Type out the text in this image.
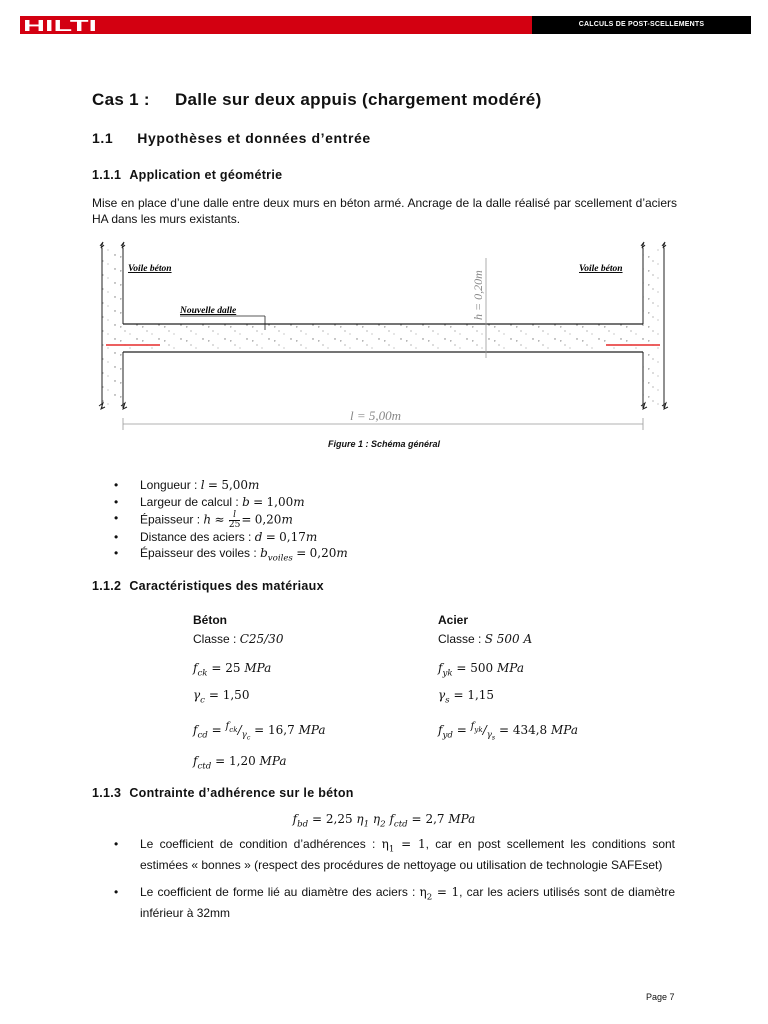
HILTI	CALCULS DE POST-SCELLEMENTS
Cas 1 :     Dalle sur deux appuis (chargement modéré)
1.1 Hypothèses et données d’entrée
1.1.1 Application et géométrie

Mise en place d’une dalle entre deux murs en béton armé. Ancrage de la dalle réalisé par scellement d’aciers HA dans les murs existants.

h = 0,20m
l = 5,00m
Voile béton	Voile béton
Nouvelle dalle
Figure 1 : Schéma général
• Longueur : l = 5,00m
• Largeur de calcul : b = 1,00m
• Épaisseur : $h \approx \frac{l}{25} = 0,20m$
• Distance des aciers : d = 0,17m
• Épaisseur des voiles : $b_{voiles} = 0,20m$
1.1.2 Caractéristiques des matériaux
Béton
Classe : C25/30
$f_{ck} = 25$ MPa
$\gamma_c = 1,50$
$f_{cd} = ^{f_{ck}}/_{\gamma_c} = 16,7$ MPa
$f_{ctd} = 1,20$ MPa
Acier
Classe : S 500 A
$f_{yk} = 500$ MPa
$\gamma_s = 1,15$
$f_{yd} = ^{f_{yk}}/_{\gamma_s} = 434,8$ MPa
1.1.3 Contrainte d’adhérence sur le béton
$f_{bd} = 2,25$ $\eta_1$ $\eta_2$ $f_{ctd} = 2,7$ MPa
• Le coefficient de condition d’adhérences : $\eta_1 = 1$, car en post scellement les conditions sont estimées « bonnes » (respect des procédures de nettoyage ou utilisation de technologie SAFEset)
• Le coefficient de forme lié au diamètre des aciers : $\eta_2 = 1$, car les aciers utilisés sont de diamètre inférieur à 32mm
Page 7
